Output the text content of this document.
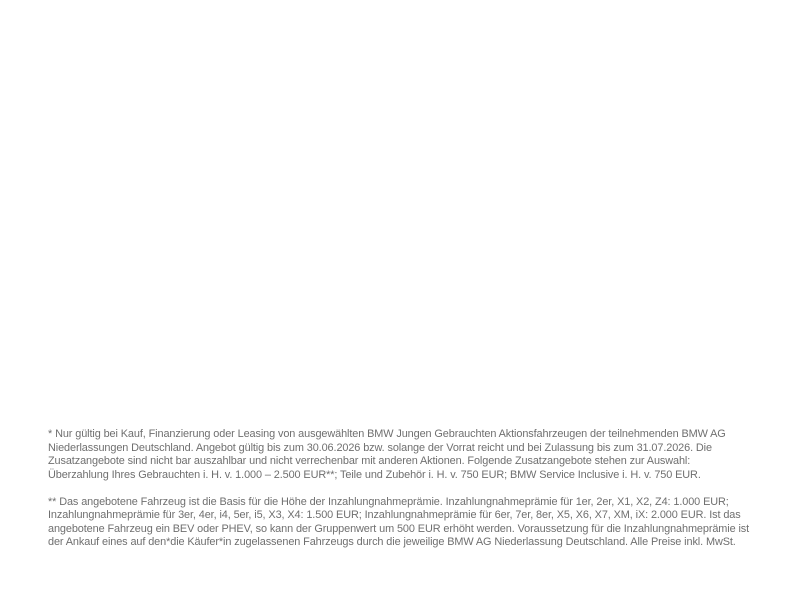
* Nur gültig bei Kauf, Finanzierung oder Leasing von ausgewählten BMW Jungen Gebrauchten Aktionsfahrzeugen der teilnehmenden BMW AG
Niederlassungen Deutschland. Angebot gültig bis zum 30.06.2026 bzw. solange der Vorrat reicht und bei Zulassung bis zum 31.07.2026. Die
Zusatzangebote sind nicht bar auszahlbar und nicht verrechenbar mit anderen Aktionen. Folgende Zusatzangebote stehen zur Auswahl:
Überzahlung Ihres Gebrauchten i. H. v. 1.000 – 2.500 EUR**; Teile und Zubehör i. H. v. 750 EUR; BMW Service Inclusive i. H. v. 750 EUR.

** Das angebotene Fahrzeug ist die Basis für die Höhe der Inzahlungnahmeprämie. Inzahlungnahmeprämie für 1er, 2er, X1, X2, Z4: 1.000 EUR;
Inzahlungnahmeprämie für 3er, 4er, i4, 5er, i5, X3, X4: 1.500 EUR; Inzahlungnahmeprämie für 6er, 7er, 8er, X5, X6, X7, XM, iX: 2.000 EUR. Ist das
angebotene Fahrzeug ein BEV oder PHEV, so kann der Gruppenwert um 500 EUR erhöht werden. Voraussetzung für die Inzahlungnahmeprämie ist
der Ankauf eines auf den*die Käufer*in zugelassenen Fahrzeugs durch die jeweilige BMW AG Niederlassung Deutschland. Alle Preise inkl. MwSt.
